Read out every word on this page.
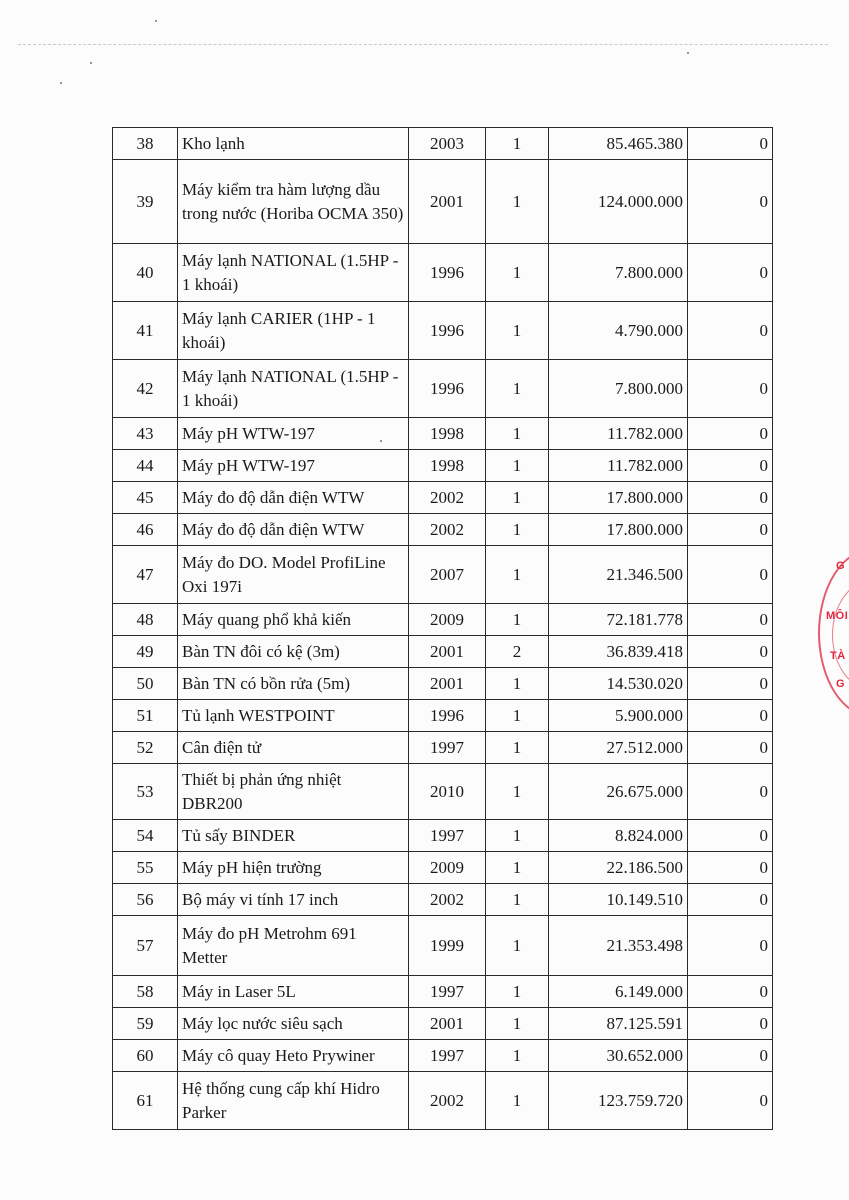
38	Kho lạnh	2003	1	85.465.380	0
39	Máy kiểm tra hàm lượng dầu trong nước (Horiba OCMA 350)	2001	1	124.000.000	0
40	Máy lạnh NATIONAL (1.5HP - 1 khoái)	1996	1	7.800.000	0
41	Máy lạnh CARIER (1HP - 1 khoái)	1996	1	4.790.000	0
42	Máy lạnh NATIONAL (1.5HP - 1 khoái)	1996	1	7.800.000	0
43	Máy pH WTW-197	1998	1	11.782.000	0
44	Máy pH WTW-197	1998	1	11.782.000	0
45	Máy đo độ dẫn điện WTW	2002	1	17.800.000	0
46	Máy đo độ dẫn điện WTW	2002	1	17.800.000	0
47	Máy đo DO. Model ProfiLine Oxi 197i	2007	1	21.346.500	0
48	Máy quang phổ khả kiến	2009	1	72.181.778	0
49	Bàn TN đôi có kệ (3m)	2001	2	36.839.418	0
50	Bàn TN có bồn rửa (5m)	2001	1	14.530.020	0
51	Tủ lạnh WESTPOINT	1996	1	5.900.000	0
52	Cân điện tử	1997	1	27.512.000	0
53	Thiết bị phản ứng nhiệt DBR200	2010	1	26.675.000	0
54	Tủ sấy BINDER	1997	1	8.824.000	0
55	Máy pH hiện trường	2009	1	22.186.500	0
56	Bộ máy vi tính 17 inch	2002	1	10.149.510	0
57	Máy đo pH Metrohm 691 Metter	1999	1	21.353.498	0
58	Máy in Laser 5L	1997	1	6.149.000	0
59	Máy lọc nước siêu sạch	2001	1	87.125.591	0
60	Máy cô quay Heto Prywiner	1997	1	30.652.000	0
61	Hệ thống cung cấp khí Hidro Parker	2002	1	123.759.720	0
G
MÔI
TÀ
G
